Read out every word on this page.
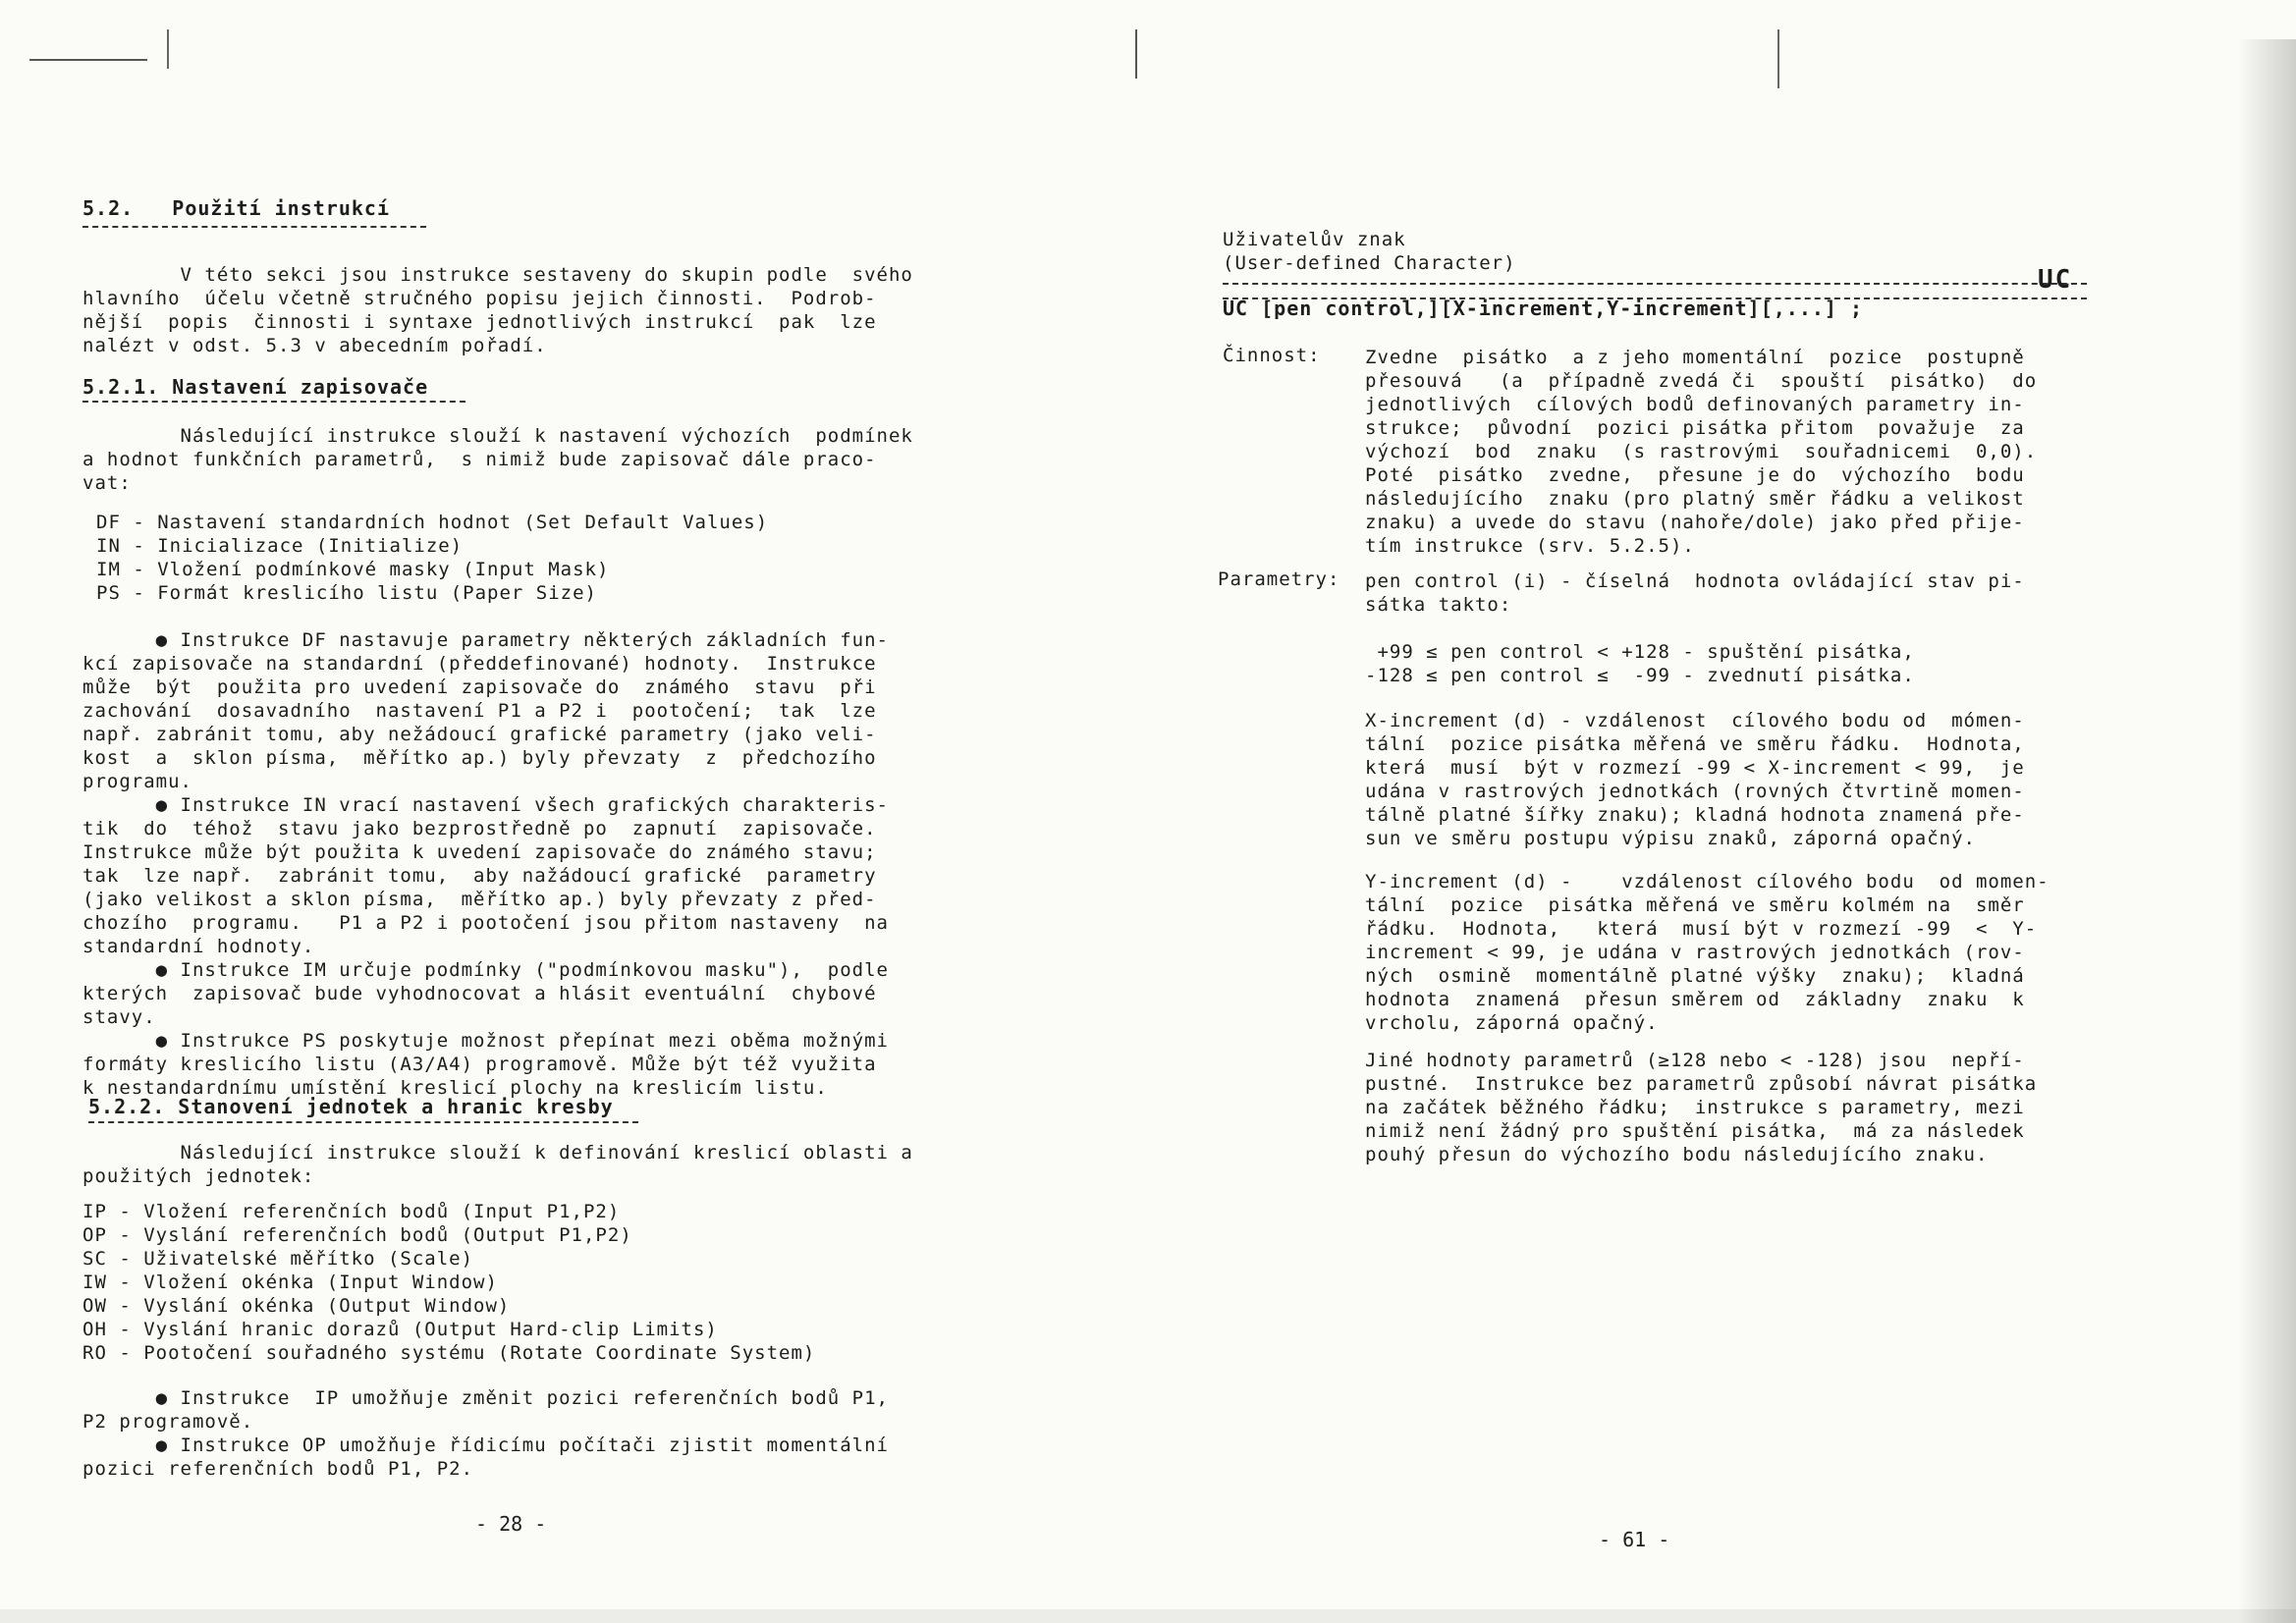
5.2.   Použití instrukcí
V této sekci jsou instrukce sestaveny do skupin podle  svého
hlavního  účelu včetně stručného popisu jejich činnosti.  Podrob-
nější  popis  činnosti i syntaxe jednotlivých instrukcí  pak  lze
nalézt v odst. 5.3 v abecedním pořadí.
5.2.1. Nastavení zapisovače
Následující instrukce slouží k nastavení výchozích  podmínek
a hodnot funkčních parametrů,  s nimiž bude zapisovač dále praco-
vat:
DF - Nastavení standardních hodnot (Set Default Values)
IN - Inicializace (Initialize)
IM - Vložení podmínkové masky (Input Mask)
PS - Formát kreslicího listu (Paper Size)
● Instrukce DF nastavuje parametry některých základních fun-
kcí zapisovače na standardní (předdefinované) hodnoty.  Instrukce
může  být  použita pro uvedení zapisovače do  známého  stavu  při
zachování  dosavadního  nastavení P1 a P2 i  pootočení;  tak  lze
např. zabránit tomu, aby nežádoucí grafické parametry (jako veli-
kost  a  sklon písma,  měřítko ap.) byly převzaty  z  předchozího
programu.
● Instrukce IN vrací nastavení všech grafických charakteris-
tik  do  téhož  stavu jako bezprostředně po  zapnutí  zapisovače.
Instrukce může být použita k uvedení zapisovače do známého stavu;
tak  lze např.  zabránit tomu,  aby nažádoucí grafické  parametry
(jako velikost a sklon písma,  měřítko ap.) byly převzaty z před-
chozího  programu.   P1 a P2 i pootočení jsou přitom nastaveny  na
standardní hodnoty.
● Instrukce IM určuje podmínky ("podmínkovou masku"),  podle
kterých  zapisovač bude vyhodnocovat a hlásit eventuální  chybové
stavy.
● Instrukce PS poskytuje možnost přepínat mezi oběma možnými
formáty kreslicího listu (A3/A4) programově. Může být též využita
k nestandardnímu umístění kreslicí plochy na kreslicím listu.
5.2.2. Stanovení jednotek a hranic kresby
Následující instrukce slouží k definování kreslicí oblasti a
použitých jednotek:
IP - Vložení referenčních bodů (Input P1,P2)
OP - Vyslání referenčních bodů (Output P1,P2)
SC - Uživatelské měřítko (Scale)
IW - Vložení okénka (Input Window)
OW - Vyslání okénka (Output Window)
OH - Vyslání hranic dorazů (Output Hard-clip Limits)
RO - Pootočení souřadného systému (Rotate Coordinate System)
● Instrukce  IP umožňuje změnit pozici referenčních bodů P1,
P2 programově.
● Instrukce OP umožňuje řídicímu počítači zjistit momentální
pozici referenčních bodů P1, P2.
- 28 -
Uživatelův znak
(User-defined Character)
UC
UC [pen control,][X-increment,Y-increment][,...] ;
Činnost: Zvedne  pisátko  a z jeho momentální  pozice  postupně
přesouvá   (a  případně zvedá či  spouští  pisátko)  do
jednotlivých  cílových bodů definovaných parametry in-
strukce;  původní  pozici pisátka přitom  považuje  za
výchozí  bod  znaku  (s rastrovými  souřadnicemi  0,0).
Poté  pisátko  zvedne,  přesune je do  výchozího  bodu
následujícího  znaku (pro platný směr řádku a velikost
znaku) a uvede do stavu (nahoře/dole) jako před přije-
tím instrukce (srv. 5.2.5).
Parametry: pen control (i) - číselná  hodnota ovládající stav pi-
sátka takto:
+99 ≤ pen control < +128 - spuštění pisátka,
-128 ≤ pen control ≤  -99 - zvednutí pisátka.
X-increment (d) - vzdálenost  cílového bodu od  mómen-
tální  pozice pisátka měřená ve směru řádku.  Hodnota,
která  musí  být v rozmezí -99 < X-increment < 99,  je
udána v rastrových jednotkách (rovných čtvrtině momen-
tálně platné šířky znaku); kladná hodnota znamená pře-
sun ve směru postupu výpisu znaků, záporná opačný.
Y-increment (d) -    vzdálenost cílového bodu  od momen-
tální  pozice  pisátka měřená ve směru kolmém na  směr
řádku.  Hodnota,   která  musí být v rozmezí -99  <  Y-
increment < 99, je udána v rastrových jednotkách (rov-
ných  osmině  momentálně platné výšky  znaku);  kladná
hodnota  znamená  přesun směrem od  základny  znaku  k
vrcholu, záporná opačný.
Jiné hodnoty parametrů (≥128 nebo < -128) jsou  nepří-
pustné.  Instrukce bez parametrů způsobí návrat pisátka
na začátek běžného řádku;  instrukce s parametry, mezi
nimiž není žádný pro spuštění pisátka,  má za následek
pouhý přesun do výchozího bodu následujícího znaku.
- 61 -
